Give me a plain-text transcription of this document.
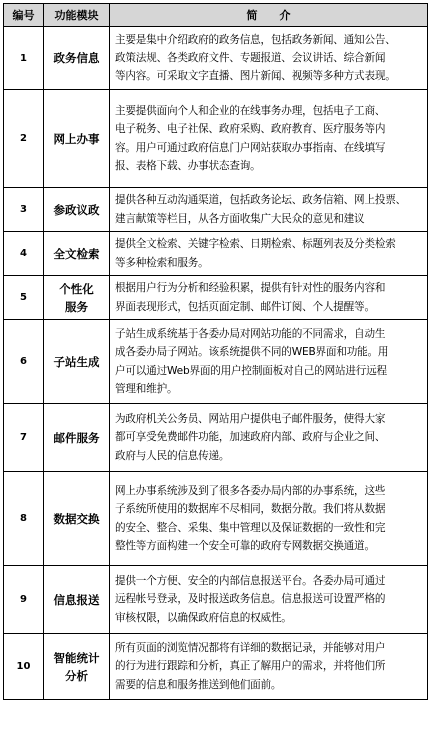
编号	功能模块	简　　介
1	政务信息	主要是集中介绍政府的政务信息，包括政务新闻、通知公告、
政策法规、各类政府文件、专题报道、会议讲话、综合新闻
等内容。可采取文字直播、图片新闻、视频等多种方式表现。

2	网上办事	主要提供面向个人和企业的在线事务办理，包括电子工商、
电子税务、电子社保、政府采购、政府教育、医疗服务等内
容。用户可通过政府信息门户网站获取办事指南、在线填写
报、表格下载、办事状态查询。

3	参政议政	提供各种互动沟通渠道，包括政务论坛、政务信箱、网上投票、
建言献策等栏目，从各方面收集广大民众的意见和建议

4	全文检索	提供全文检索、关键字检索、日期检索、标题列表及分类检索
等多种检索和服务。

5	个性化
服务	根据用户行为分析和经验积累，提供有针对性的服务内容和
界面表现形式，包括页面定制、邮件订阅、个人提醒等。

6	子站生成	子站生成系统基于各委办局对网站功能的不同需求，自动生
成各委办局子网站。该系统提供不同的WEB界面和功能。用
户可以通过Web界面的用户控制面板对自己的网站进行远程
管理和维护。

7	邮件服务	为政府机关公务员、网站用户提供电子邮件服务，使得大家
都可享受免费邮件功能，加速政府内部、政府与企业之间、
政府与人民的信息传递。

8	数据交换	网上办事系统涉及到了很多各委办局内部的办事系统，这些
子系统所使用的数据库不尽相同，数据分散。我们将从数据
的安全、整合、采集、集中管理以及保证数据的一致性和完
整性等方面构建一个安全可靠的政府专网数据交换通道。

9	信息报送	提供一个方便、安全的内部信息报送平台。各委办局可通过
远程帐号登录，及时报送政务信息。信息报送可设置严格的
审核权限，以确保政府信息的权威性。

10	智能统计
分析	所有页面的浏览情况都将有详细的数据记录，并能够对用户
的行为进行跟踪和分析，真正了解用户的需求，并将他们所
需要的信息和服务推送到他们面前。
